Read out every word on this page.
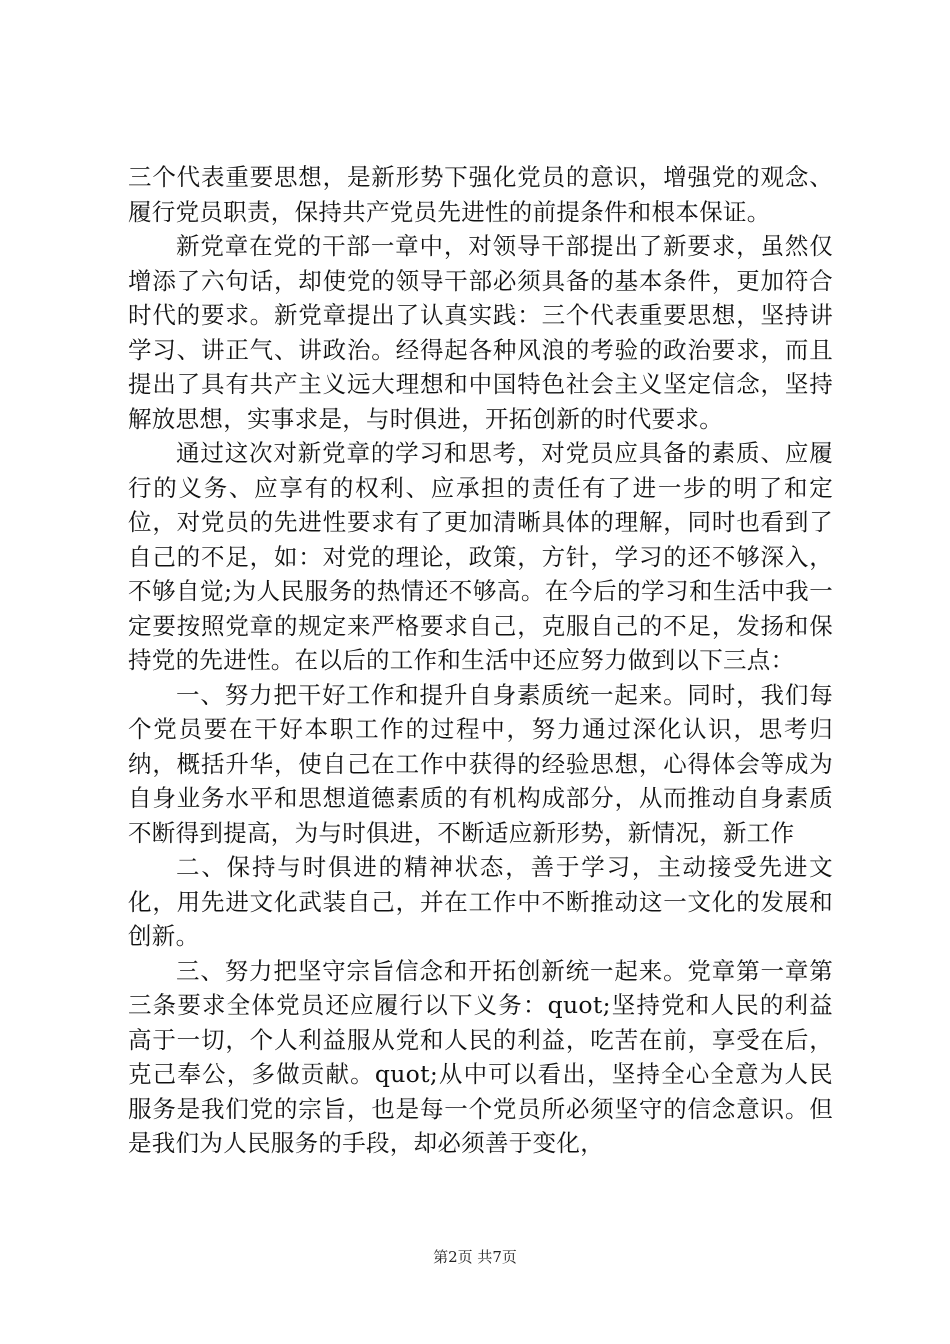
三个代表重要思想，是新形势下强化党员的意识，增强党的观念、履行党员职责，保持共产党员先进性的前提条件和根本保证。

新党章在党的干部一章中，对领导干部提出了新要求，虽然仅增添了六句话，却使党的领导干部必须具备的基本条件，更加符合时代的要求。新党章提出了认真实践：三个代表重要思想，坚持讲学习、讲正气、讲政治。经得起各种风浪的考验的政治要求，而且提出了具有共产主义远大理想和中国特色社会主义坚定信念，坚持解放思想，实事求是，与时俱进，开拓创新的时代要求。

通过这次对新党章的学习和思考，对党员应具备的素质、应履行的义务、应享有的权利、应承担的责任有了进一步的明了和定位，对党员的先进性要求有了更加清晰具体的理解，同时也看到了自己的不足，如：对党的理论，政策，方针，学习的还不够深入，不够自觉;为人民服务的热情还不够高。在今后的学习和生活中我一定要按照党章的规定来严格要求自己，克服自己的不足，发扬和保持党的先进性。在以后的工作和生活中还应努力做到以下三点：

一、努力把干好工作和提升自身素质统一起来。同时，我们每个党员要在干好本职工作的过程中，努力通过深化认识，思考归纳，概括升华，使自己在工作中获得的经验思想，心得体会等成为自身业务水平和思想道德素质的有机构成部分，从而推动自身素质不断得到提高，为与时俱进，不断适应新形势，新情况，新工作

二、保持与时俱进的精神状态，善于学习，主动接受先进文化，用先进文化武装自己，并在工作中不断推动这一文化的发展和创新。

三、努力把坚守宗旨信念和开拓创新统一起来。党章第一章第三条要求全体党员还应履行以下义务：quot;坚持党和人民的利益高于一切，个人利益服从党和人民的利益，吃苦在前，享受在后，克己奉公，多做贡献。quot;从中可以看出，坚持全心全意为人民服务是我们党的宗旨，也是每一个党员所必须坚守的信念意识。但是我们为人民服务的手段，却必须善于变化，

第2页 共7页
